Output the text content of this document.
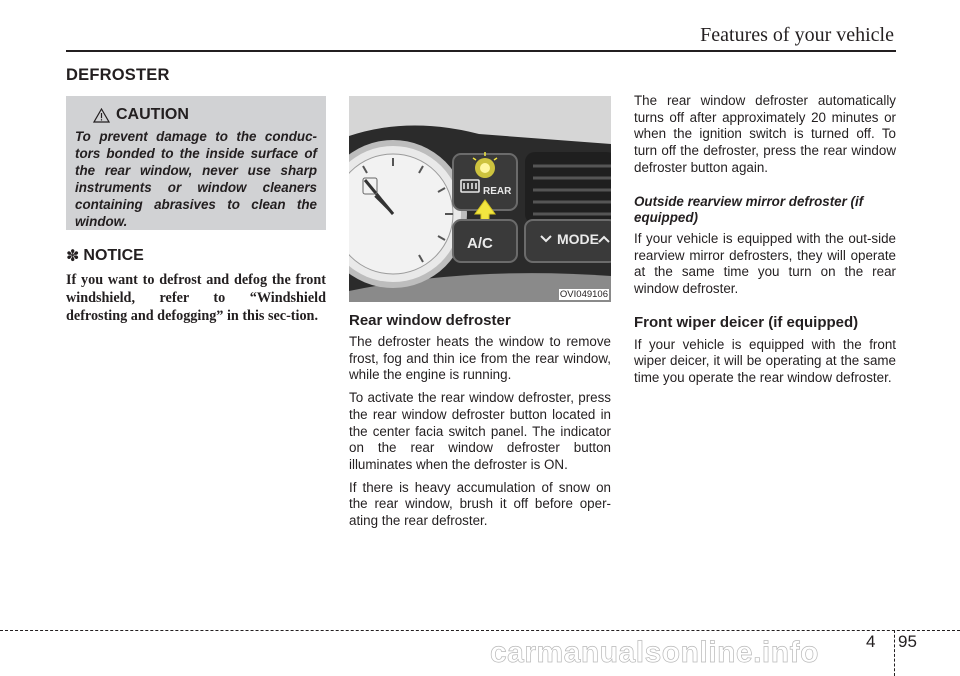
Features of your vehicle
DEFROSTER
CAUTION
To prevent damage to the conduc-tors bonded to the inside surface of the rear window, never use sharp instruments or window cleaners containing abrasives to clean the window.
✽ NOTICE
If you want to defrost and defog the front windshield, refer to “Windshield defrosting and defogging” in this sec-tion.
REAR
A/C	MODE
OVI049106
Rear window defroster

The defroster heats the window to remove frost, fog and thin ice from the rear window, while the engine is running.

To activate the rear window defroster, press the rear window defroster button located in the center facia switch panel. The indicator on the rear window defroster button illuminates when the defroster is ON.

If there is heavy accumulation of snow on the rear window, brush it off before oper-ating the rear defroster.

The rear window defroster automatically turns off after approximately 20 minutes or when the ignition switch is turned off. To turn off the defroster, press the rear window defroster button again.

Outside rearview mirror defroster (if equipped)

If your vehicle is equipped with the out-side rearview mirror defrosters, they will operate at the same time you turn on the rear window defroster.

Front wiper deicer (if equipped)

If your vehicle is equipped with the front wiper deicer, it will be operating at the same time you operate the rear window defroster.

4 95
carmanualsonline.info
